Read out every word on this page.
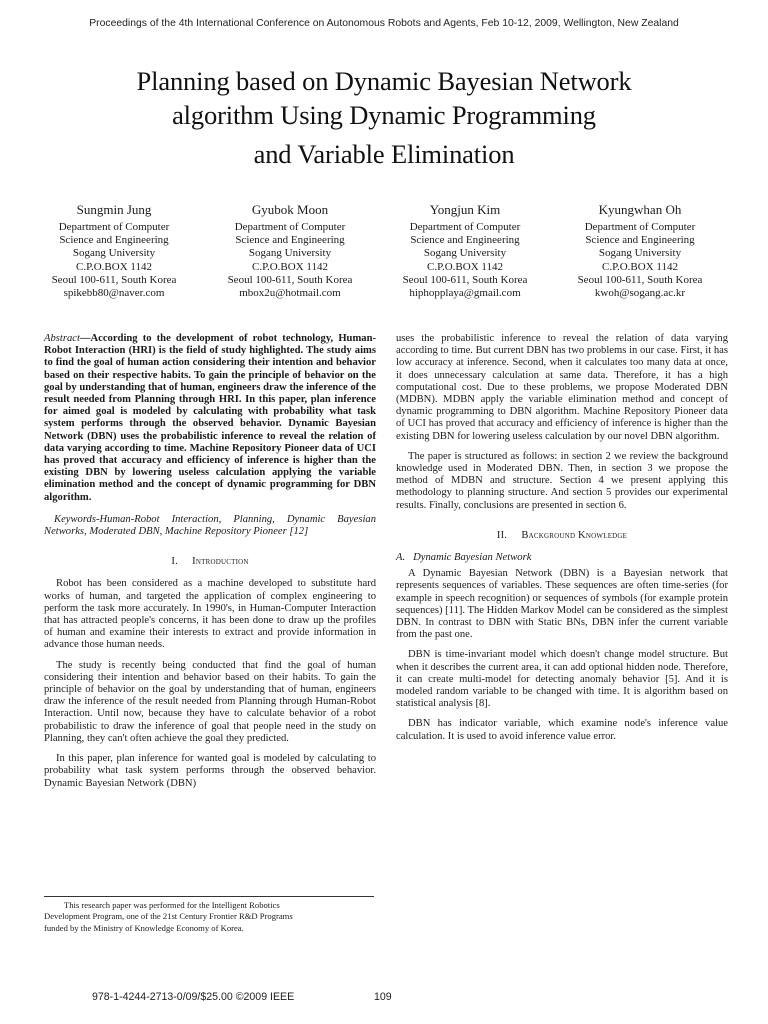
Proceedings of the 4th International Conference on Autonomous Robots and Agents, Feb 10-12, 2009, Wellington, New Zealand
Planning based on Dynamic Bayesian Network
algorithm Using Dynamic Programming
and Variable Elimination
Sungmin Jung
Department of Computer
Science and Engineering
Sogang University
C.P.O.BOX 1142
Seoul 100-611, South Korea
spikebb80@naver.com
Gyubok Moon
Department of Computer
Science and Engineering
Sogang University
C.P.O.BOX 1142
Seoul 100-611, South Korea
mbox2u@hotmail.com
Yongjun Kim
Department of Computer
Science and Engineering
Sogang University
C.P.O.BOX 1142
Seoul 100-611, South Korea
hiphopplaya@gmail.com
Kyungwhan Oh
Department of Computer
Science and Engineering
Sogang University
C.P.O.BOX 1142
Seoul 100-611, South Korea
kwoh@sogang.ac.kr

Abstract—According to the development of robot technology, Human-Robot Interaction (HRI) is the field of study highlighted. The study aims to find the goal of human action considering their intention and behavior based on their respective habits. To gain the principle of behavior on the goal by understanding that of human, engineers draw the inference of the result needed from Planning through HRI. In this paper, plan inference for aimed goal is modeled by calculating with probability what task system performs through the observed behavior. Dynamic Bayesian Network (DBN) uses the probabilistic inference to reveal the relation of data varying according to time. Machine Repository Pioneer data of UCI has proved that accuracy and efficiency of inference is higher than the existing DBN by lowering useless calculation applying the variable elimination method and the concept of dynamic programming for DBN algorithm.

Keywords-Human-Robot Interaction, Planning, Dynamic Bayesian Networks, Moderated DBN, Machine Repository Pioneer [12]

I. Introduction

Robot has been considered as a machine developed to substitute hard works of human, and targeted the application of complex engineering to perform the task more accurately. In 1990's, in Human-Computer Interaction that has attracted people's concerns, it has been done to draw up the profiles of human and examine their interests to extract and provide information in advance those human needs.

The study is recently being conducted that find the goal of human considering their intention and behavior based on their habits. To gain the principle of behavior on the goal by understanding that of human, engineers draw the inference of the result needed from Planning through Human-Robot Interaction. Until now, because they have to calculate behavior of a robot probabilistic to draw the inference of goal that people need in the study on Planning, they can't often achieve the goal they predicted.

In this paper, plan inference for wanted goal is modeled by calculating to probability what task system performs through the observed behavior. Dynamic Bayesian Network (DBN)

uses the probabilistic inference to reveal the relation of data varying according to time. But current DBN has two problems in our case. First, it has low accuracy at inference. Second, when it calculates too many data at once, it does unnecessary calculation at same data. Therefore, it has a high computational cost. Due to these problems, we propose Moderated DBN (MDBN). MDBN apply the variable elimination method and concept of dynamic programming to DBN algorithm. Machine Repository Pioneer data of UCI has proved that accuracy and efficiency of inference is higher than the existing DBN for lowering useless calculation by our novel DBN algorithm.

The paper is structured as follows: in section 2 we review the background knowledge used in Moderated DBN. Then, in section 3 we propose the method of MDBN and structure. Section 4 we present applying this methodology to planning structure. And section 5 provides our experimental results. Finally, conclusions are presented in section 6.

II. Background Knowledge
A. Dynamic Bayesian Network

A Dynamic Bayesian Network (DBN) is a Bayesian network that represents sequences of variables. These sequences are often time-series (for example in speech recognition) or sequences of symbols (for example protein sequences) [11]. The Hidden Markov Model can be considered as the simplest DBN. In contrast to DBN with Static BNs, DBN infer the current variable from the past one.

DBN is time-invariant model which doesn't change model structure. But when it describes the current area, it can add optional hidden node. Therefore, it can create multi-model for detecting anomaly behavior [5]. And it is modeled random variable to be changed with time. It is algorithm based on statistical analysis [8].

DBN has indicator variable, which examine node's inference value calculation. It is used to avoid inference value error.

This research paper was performed for the Intelligent Robotics
Development Program, one of the 21st Century Frontier R&D Programs
funded by the Ministry of Knowledge Economy of Korea.
978-1-4244-2713-0/09/$25.00 ©2009 IEEE	109
